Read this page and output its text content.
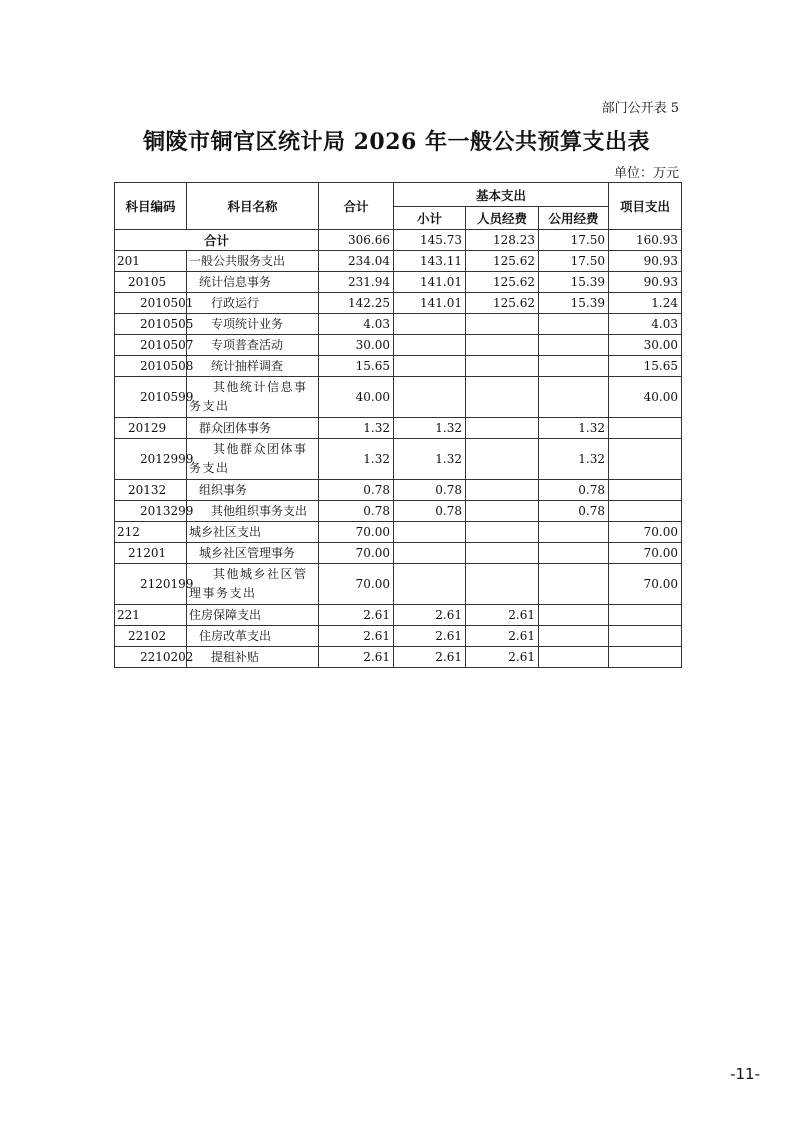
部门公开表 5
铜陵市铜官区统计局 2026 年一般公共预算支出表
单位：万元
科目编码	科目名称	合计	基本支出			项目支出
			小计	人员经费	公用经费	
合计		306.66	145.73	128.23	17.50	160.93
201	一般公共服务支出	234.04	143.11	125.62	17.50	90.93
20105	统计信息事务	231.94	141.01	125.62	15.39	90.93
2010501	行政运行	142.25	141.01	125.62	15.39	1.24
2010505	专项统计业务	4.03				4.03
2010507	专项普查活动	30.00				30.00
2010508	统计抽样调查	15.65				15.65
2010599	其他统计信息事务支出	40.00				40.00
20129	群众团体事务	1.32	1.32		1.32	
2012999	其他群众团体事务支出	1.32	1.32		1.32	
20132	组织事务	0.78	0.78		0.78	
2013299	其他组织事务支出	0.78	0.78		0.78	
212	城乡社区支出	70.00				70.00
21201	城乡社区管理事务	70.00				70.00
2120199	其他城乡社区管理事务支出	70.00				70.00
221	住房保障支出	2.61	2.61	2.61		
22102	住房改革支出	2.61	2.61	2.61		
2210202	提租补贴	2.61	2.61	2.61		
-11-
